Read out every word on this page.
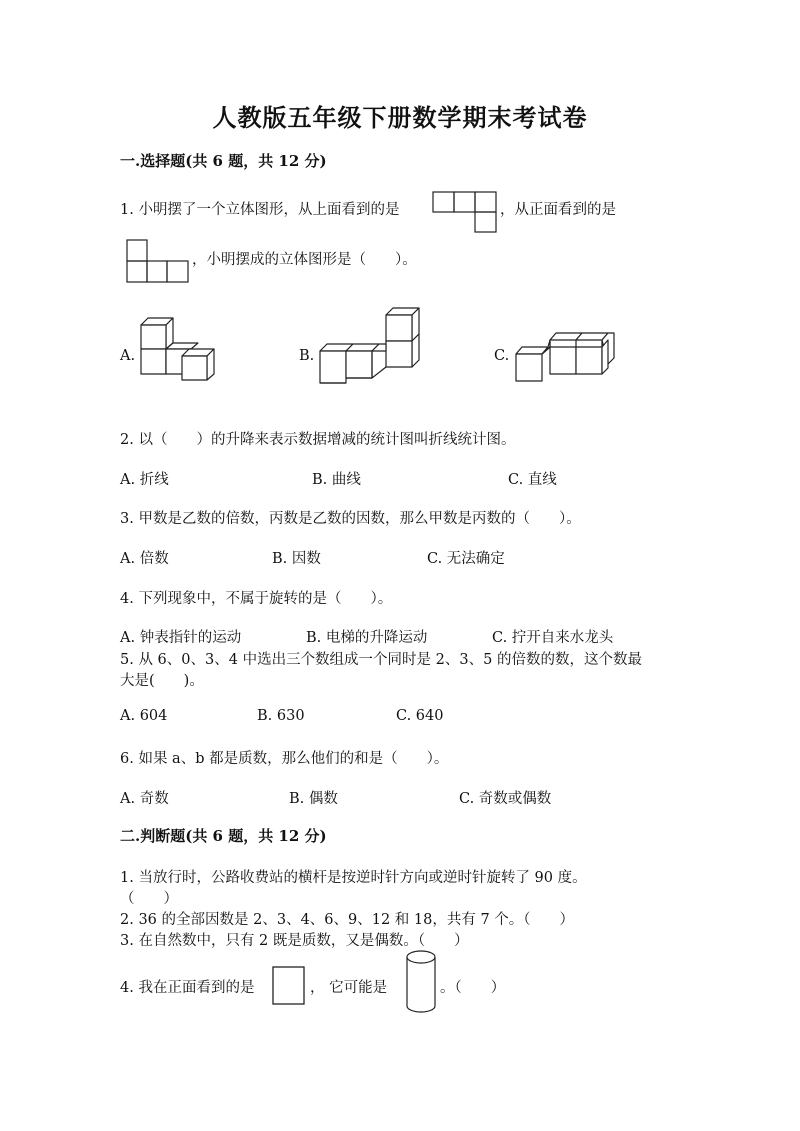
人教版五年级下册数学期末考试卷
一.选择题(共 6 题，共 12 分)
1. 小明摆了一个立体图形，从上面看到的是	，从正面看到的是
，小明摆成的立体图形是（　　）。
A.	B.	C.
2. 以（　　）的升降来表示数据增减的统计图叫折线统计图。
A. 折线	B. 曲线	C. 直线
3. 甲数是乙数的倍数，丙数是乙数的因数，那么甲数是丙数的（　　）。
A. 倍数	B. 因数	C. 无法确定
4. 下列现象中，不属于旋转的是（　　）。
A. 钟表指针的运动	B. 电梯的升降运动	C. 拧开自来水龙头
5. 从 6、0、3、4 中选出三个数组成一个同时是 2、3、5 的倍数的数，这个数最
大是(　　)。
A. 604	B. 630	C. 640
6. 如果 a、b 都是质数，那么他们的和是（　　）。
A. 奇数	B. 偶数	C. 奇数或偶数
二.判断题(共 6 题，共 12 分)
1. 当放行时，公路收费站的横杆是按逆时针方向或逆时针旋转了 90 度。
（　　）
2. 36 的全部因数是 2、3、4、6、9、12 和 18，共有 7 个。（　　）
3. 在自然数中，只有 2 既是质数，又是偶数。（　　）
4. 我在正面看到的是	， 它可能是	。（　　）
